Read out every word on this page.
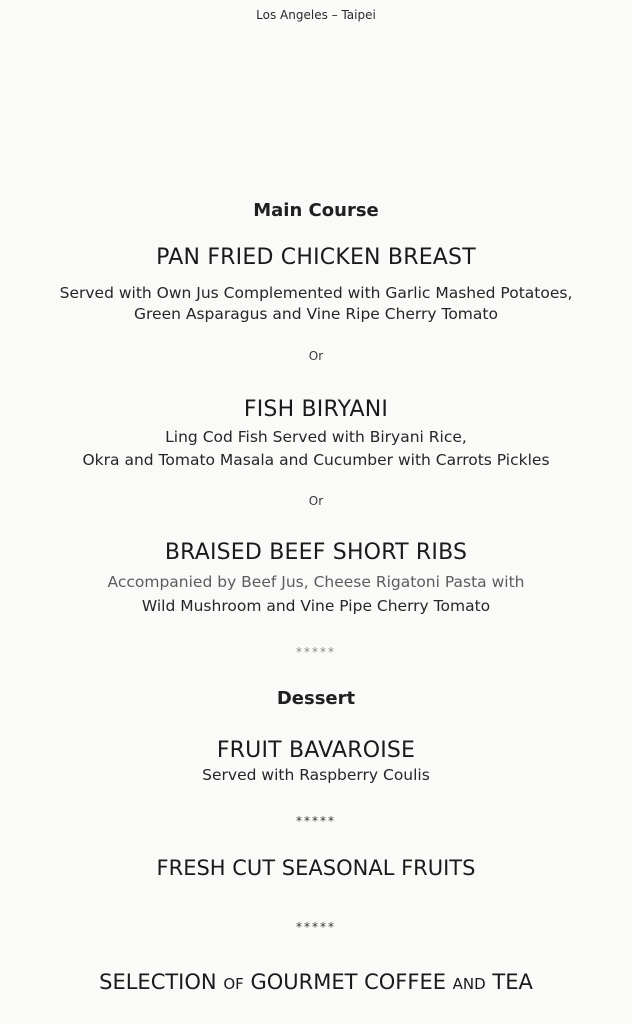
Los Angeles – Taipei
Main Course
PAN FRIED CHICKEN BREAST
Served with Own Jus Complemented with Garlic Mashed Potatoes,
Green Asparagus and Vine Ripe Cherry Tomato
Or
FISH BIRYANI
Ling Cod Fish Served with Biryani Rice,
Okra and Tomato Masala and Cucumber with Carrots Pickles
Or
BRAISED BEEF SHORT RIBS
Accompanied by Beef Jus, Cheese Rigatoni Pasta with
Wild Mushroom and Vine Pipe Cherry Tomato
*****
Dessert
FRUIT BAVAROISE
Served with Raspberry Coulis
*****
FRESH CUT SEASONAL FRUITS
*****
SELECTION OF GOURMET COFFEE AND TEA
